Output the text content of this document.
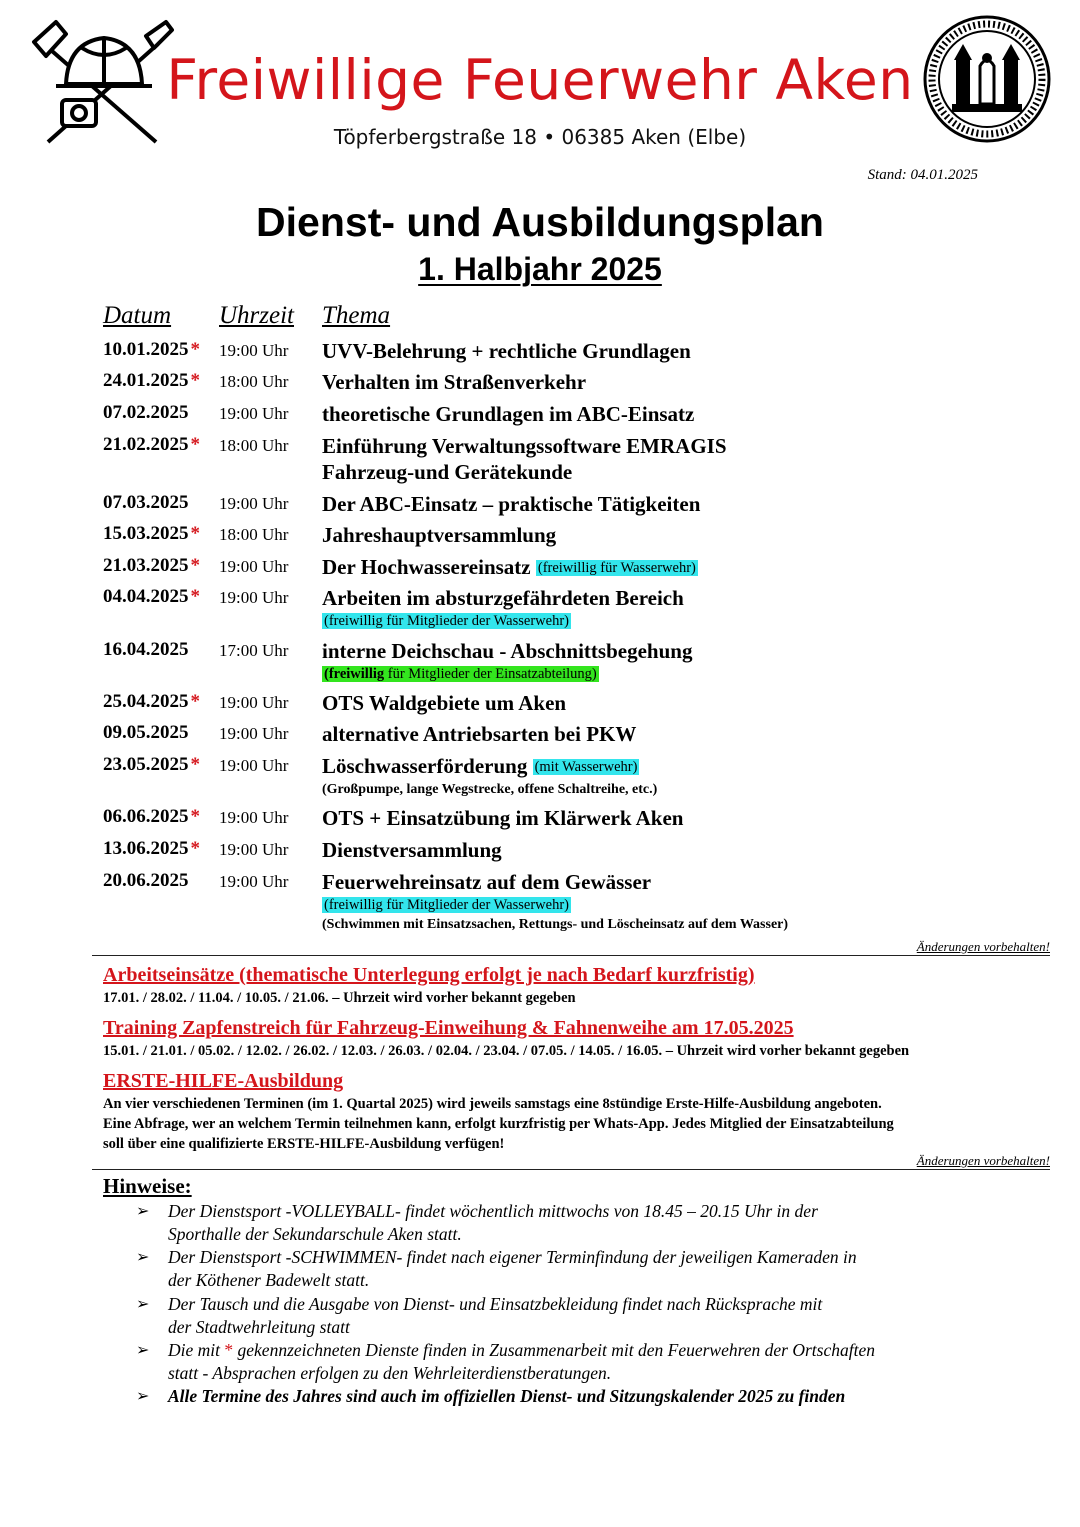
Freiwillige Feuerwehr Aken
Töpferbergstraße 18 • 06385 Aken (Elbe)
Stand: 04.01.2025
Dienst- und Ausbildungsplan
1. Halbjahr 2025
Datum Uhrzeit Thema
10.01.2025 * 19:00 Uhr UVV-Belehrung + rechtliche Grundlagen
24.01.2025 * 18:00 Uhr Verhalten im Straßenverkehr
07.02.2025 19:00 Uhr theoretische Grundlagen im ABC-Einsatz
21.02.2025 * 18:00 Uhr Einführung Verwaltungssoftware EMRAGIS
Fahrzeug-und Gerätekunde
07.03.2025 19:00 Uhr Der ABC-Einsatz – praktische Tätigkeiten
15.03.2025 * 18:00 Uhr Jahreshauptversammlung
21.03.2025 * 19:00 Uhr Der Hochwassereinsatz (freiwillig für Wasserwehr)
04.04.2025 * 19:00 Uhr Arbeiten im absturzgefährdeten Bereich
(freiwillig für Mitglieder der Wasserwehr)
16.04.2025 17:00 Uhr interne Deichschau - Abschnittsbegehung
(freiwillig für Mitglieder der Einsatzabteilung)
25.04.2025 * 19:00 Uhr OTS Waldgebiete um Aken
09.05.2025 19:00 Uhr alternative Antriebsarten bei PKW
23.05.2025 * 19:00 Uhr Löschwasserförderung (mit Wasserwehr)
(Großpumpe, lange Wegstrecke, offene Schaltreihe, etc.)
06.06.2025 * 19:00 Uhr OTS + Einsatzübung im Klärwerk Aken
13.06.2025 * 19:00 Uhr Dienstversammlung
20.06.2025 19:00 Uhr Feuerwehreinsatz auf dem Gewässer
(freiwillig für Mitglieder der Wasserwehr)
(Schwimmen mit Einsatzsachen, Rettungs- und Löscheinsatz auf dem Wasser)
Änderungen vorbehalten!
Arbeitseinsätze (thematische Unterlegung erfolgt je nach Bedarf kurzfristig)
17.01. / 28.02. / 11.04. / 10.05. / 21.06. – Uhrzeit wird vorher bekannt gegeben
Training Zapfenstreich für Fahrzeug-Einweihung & Fahnenweihe am 17.05.2025
15.01. / 21.01. / 05.02. / 12.02. / 26.02. / 12.03. / 26.03. / 02.04. / 23.04. / 07.05. / 14.05. / 16.05. – Uhrzeit wird vorher bekannt gegeben
ERSTE-HILFE-Ausbildung
An vier verschiedenen Terminen (im 1. Quartal 2025) wird jeweils samstags eine 8stündige Erste-Hilfe-Ausbildung angeboten.
Eine Abfrage, wer an welchem Termin teilnehmen kann, erfolgt kurzfristig per Whats-App. Jedes Mitglied der Einsatzabteilung
soll über eine qualifizierte ERSTE-HILFE-Ausbildung verfügen!
Änderungen vorbehalten!
Hinweise:
➢ Der Dienstsport -VOLLEYBALL- findet wöchentlich mittwochs von 18.45 – 20.15 Uhr in der
Sporthalle der Sekundarschule Aken statt.
➢ Der Dienstsport -SCHWIMMEN- findet nach eigener Terminfindung der jeweiligen Kameraden in
der Köthener Badewelt statt.
➢ Der Tausch und die Ausgabe von Dienst- und Einsatzbekleidung findet nach Rücksprache mit
der Stadtwehrleitung statt
➢ Die mit * gekennzeichneten Dienste finden in Zusammenarbeit mit den Feuerwehren der Ortschaften
statt - Absprachen erfolgen zu den Wehrleiterdienstberatungen.
➢ Alle Termine des Jahres sind auch im offiziellen Dienst- und Sitzungskalender 2025 zu finden
